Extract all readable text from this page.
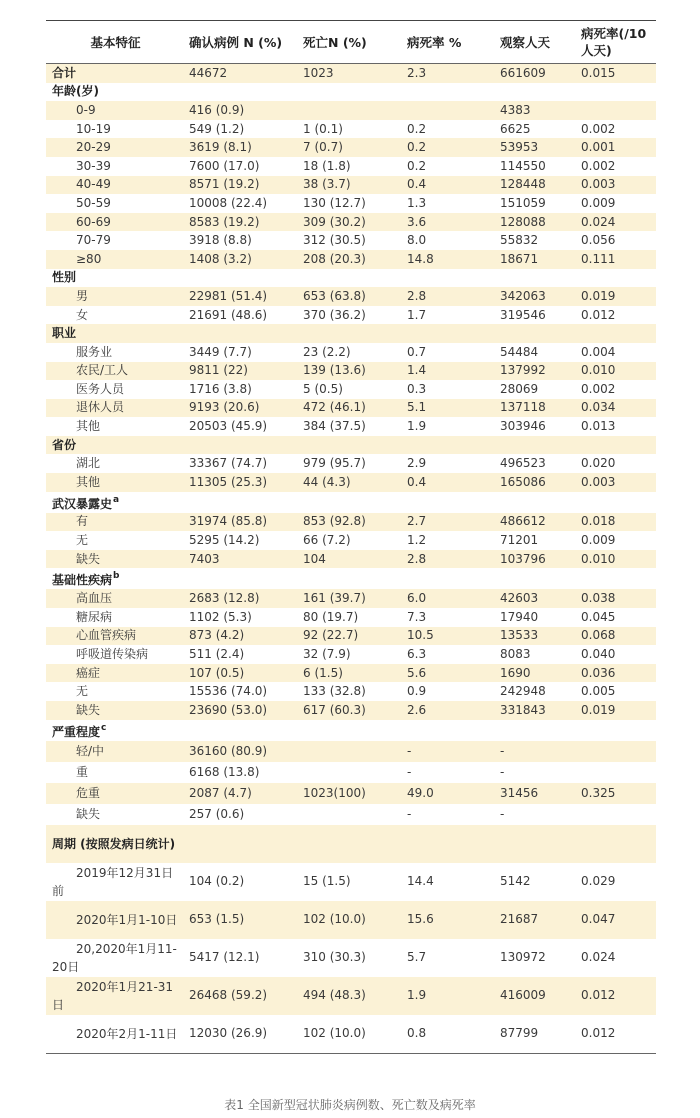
基本特征	确认病例 N (%)	死亡N (%)	病死率 %	观察人天	病死率(/10 人天)
合计	44672	1023	2.3	661609	0.015
年龄(岁)					
0-9	416 (0.9)			4383	
10-19	549 (1.2)	1 (0.1)	0.2	6625	0.002
20-29	3619 (8.1)	7 (0.7)	0.2	53953	0.001
30-39	7600 (17.0)	18 (1.8)	0.2	114550	0.002
40-49	8571 (19.2)	38 (3.7)	0.4	128448	0.003
50-59	10008 (22.4)	130 (12.7)	1.3	151059	0.009
60-69	8583 (19.2)	309 (30.2)	3.6	128088	0.024
70-79	3918 (8.8)	312 (30.5)	8.0	55832	0.056
≥80	1408 (3.2)	208 (20.3)	14.8	18671	0.111
性别					
男	22981 (51.4)	653 (63.8)	2.8	342063	0.019
女	21691 (48.6)	370 (36.2)	1.7	319546	0.012
职业					
服务业	3449 (7.7)	23 (2.2)	0.7	54484	0.004
农民/工人	9811 (22)	139 (13.6)	1.4	137992	0.010
医务人员	1716 (3.8)	5 (0.5)	0.3	28069	0.002
退休人员	9193 (20.6)	472 (46.1)	5.1	137118	0.034
其他	20503 (45.9)	384 (37.5)	1.9	303946	0.013
省份					
湖北	33367 (74.7)	979 (95.7)	2.9	496523	0.020
其他	11305 (25.3)	44 (4.3)	0.4	165086	0.003
武汉暴露史$^a$
有	31974 (85.8)	853 (92.8)	2.7	486612	0.018
无	5295 (14.2)	66 (7.2)	1.2	71201	0.009
缺失	7403	104	2.8	103796	0.010
基础性疾病$^b$
高血压	2683 (12.8)	161 (39.7)	6.0	42603	0.038
糖尿病	1102 (5.3)	80 (19.7)	7.3	17940	0.045
心血管疾病	873 (4.2)	92 (22.7)	10.5	13533	0.068
呼吸道传染病	511 (2.4)	32 (7.9)	6.3	8083	0.040
癌症	107 (0.5)	6 (1.5)	5.6	1690	0.036
无	15536 (74.0)	133 (32.8)	0.9	242948	0.005
缺失	23690 (53.0)	617 (60.3)	2.6	331843	0.019
严重程度$^c$
轻/中	36160 (80.9)		-	-	
重	6168 (13.8)		-	-	
危重	2087 (4.7)	1023(100)	49.0	31456	0.325
缺失	257 (0.6)		-	-	
周期 (按照发病日统计)					
2019年12月31日前	104 (0.2)	15 (1.5)	14.4	5142	0.029
2020年1月1-10日	653 (1.5)	102 (10.0)	15.6	21687	0.047
20,2020年1月11-20日	5417 (12.1)	310 (30.3)	5.7	130972	0.024
2020年1月21-31日	26468 (59.2)	494 (48.3)	1.9	416009	0.012
2020年2月1-11日	12030 (26.9)	102 (10.0)	0.8	87799	0.012
表1 全国新型冠状肺炎病例数、死亡数及病死率
